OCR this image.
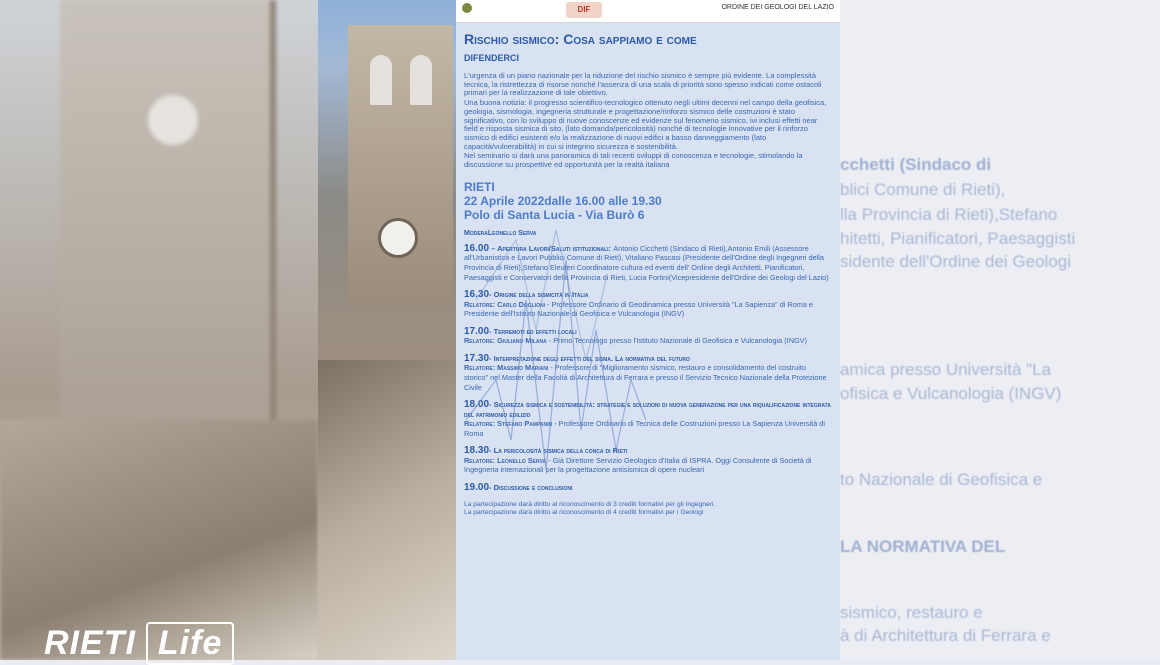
cchetti (Sindaco di
blici Comune di Rieti),
lla Provincia di Rieti),Stefano
hitetti, Pianificatori, Paesaggisti
sidente dell'Ordine dei Geologi
amica presso Università "La
ofisica e Vulcanologia (INGV)
to Nazionale di Geofisica e
LA NORMATIVA DEL
sismico, restauro e
à di Architettura di Ferrara e
DIF	ORDINE DEI GEOLOGI DEL LAZIO
Rischio sismico: Cosa sappiamo e come
difenderci

L'urgenza di un piano nazionale per la riduzione del rischio sismico è sempre più evidente. La complessità tecnica, la ristrettezza di risorse nonché l'assenza di una scala di priorità sono spesso indicati come ostacoli primari per la realizzazione di tale obiettivo.

Una buona notizia: il progresso scientifico-tecnologico ottenuto negli ultimi decenni nel campo della geofisica, geologia, sismologia, ingegneria strutturale e progettazione/rinforzo sismico delle costruzioni è stato significativo, con lo sviluppo di nuove conoscenze ed evidenze sul fenomeno sismico, ivi inclusi effetti near field e risposta sismica di sito, (lato domanda/pericolosità) nonché di tecnologie innovative per il rinforzo sismico di edifici esistenti e/o la realizzazione di nuovi edifici a basso danneggiamento (lato capacità/vulnerabilità) in cui si integrino sicurezza e sostenibilità.

Nel seminario si darà una panoramica di tali recenti sviluppi di conoscenza e tecnologie, stimolando la discussione su prospettive ed opportunità per la realtà italiana

RIETI
22 Aprile 2022dalle 16.00 alle 19.30
Polo di Santa Lucia - Via Burò 6
ModeraLeonello Serva
16.00 – Apertura Lavori/Saluti istituzionali: Antonio Cicchetti (Sindaco di Rieti),Antonio Emili (Assessore all'Urbanistica e Lavori Pubblici Comune di Rieti), Vitaliano Pascasi (Presidente dell'Ordine degli Ingegneri della Provincia di Rieti),Stefano Eleuteri Coordinatore cultura ed eventi dell' Ordine degli Architetti, Pianificatori, Paesaggisti e Conservatori della Provincia di Rieti, Lucia Fortini(Vicepresidente dell'Ordine dei Geologi del Lazio)
16.30- Origine della sismicità in Italia
Relatore: Carlo Doglioni - Professore Ordinario di Geodinamica presso Università "La Sapienza" di Roma e Presidente dell'Istituto Nazionale di Geofisica e Vulcanologia (INGV)
17.00- Terremoti ed effetti locali
Relatore: Giuliano Milana - Primo Tecnologo presso l'Istituto Nazionale di Geofisica e Vulcanologia (INGV)
17.30- Interpretazione degli effetti del sisma. La normativa del futuro
Relatore: Massimo Mariani - Professore di "Miglioramento sismico, restauro e consolidamento del costruito storico" nel Master della Facoltà di Architettura di Ferrara e presso il Servizio Tecnico Nazionale della Protezione Civile
18.00- Sicurezza sismica e sostenibilità: strategie e soluzioni di nuova generazione per una riqualificazione integrata del patrimonio edilizio
Relatore: Stefano Pampanin - Professore Ordinario di Tecnica delle Costruzioni presso La Sapienza Università di Roma
18.30- La pericolosità sismica della conca di Rieti
Relatore: Leonello Serva - Già Direttore Servizio Geologico d'Italia di ISPRA. Oggi Consulente di Società di Ingegneria internazionali per la progettazione antisismica di opere nucleari
19.00- Discussione e conclusioni
La partecipazione darà diritto al riconoscimento di 3 crediti formativi per gli Ingegneri.
La partecipazione darà diritto al riconoscimento di 4 crediti formativi per i Geologi
RIETI Life
